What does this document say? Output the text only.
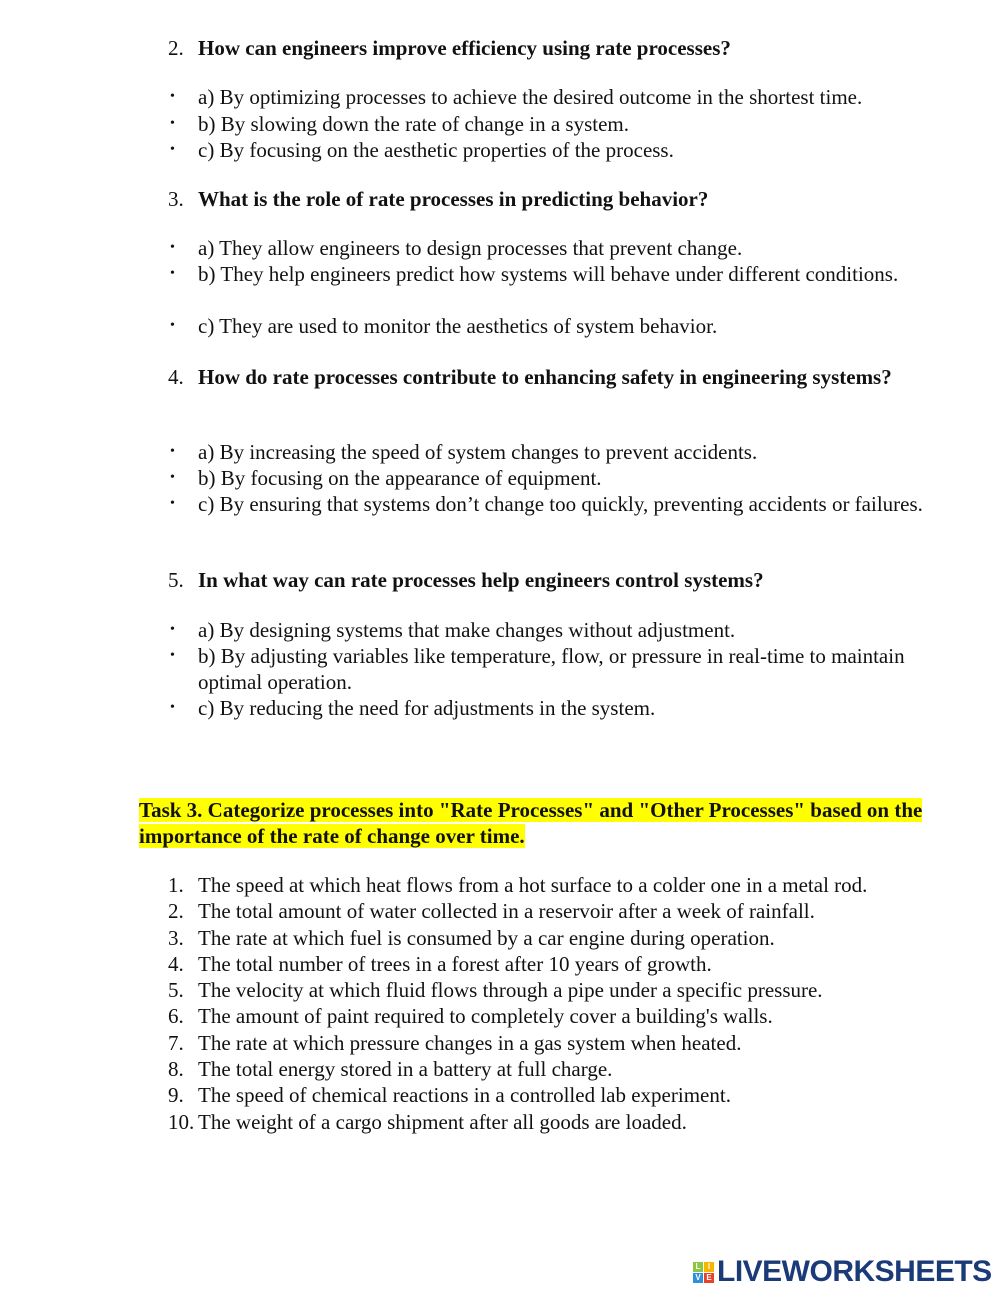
2. How can engineers improve efficiency using rate processes?
• a) By optimizing processes to achieve the desired outcome in the shortest time.
• b) By slowing down the rate of change in a system.
• c) By focusing on the aesthetic properties of the process.
3. What is the role of rate processes in predicting behavior?
• a) They allow engineers to design processes that prevent change.
• b) They help engineers predict how systems will behave under different conditions.
• c) They are used to monitor the aesthetics of system behavior.
4. How do rate processes contribute to enhancing safety in engineering systems?
• a) By increasing the speed of system changes to prevent accidents.
• b) By focusing on the appearance of equipment.
• c) By ensuring that systems don’t change too quickly, preventing accidents or failures.
5. In what way can rate processes help engineers control systems?
• a) By designing systems that make changes without adjustment.
• b) By adjusting variables like temperature, flow, or pressure in real-time to maintain optimal operation.
• c) By reducing the need for adjustments in the system.
Task 3. Categorize processes into "Rate Processes" and "Other Processes" based on the importance of the rate of change over time.
1. The speed at which heat flows from a hot surface to a colder one in a metal rod.
2. The total amount of water collected in a reservoir after a week of rainfall.
3. The rate at which fuel is consumed by a car engine during operation.
4. The total number of trees in a forest after 10 years of growth.
5. The velocity at which fluid flows through a pipe under a specific pressure.
6. The amount of paint required to completely cover a building's walls.
7. The rate at which pressure changes in a gas system when heated.
8. The total energy stored in a battery at full charge.
9. The speed of chemical reactions in a controlled lab experiment.
10. The weight of a cargo shipment after all goods are loaded.
L I
V E LIVEWORKSHEETS
